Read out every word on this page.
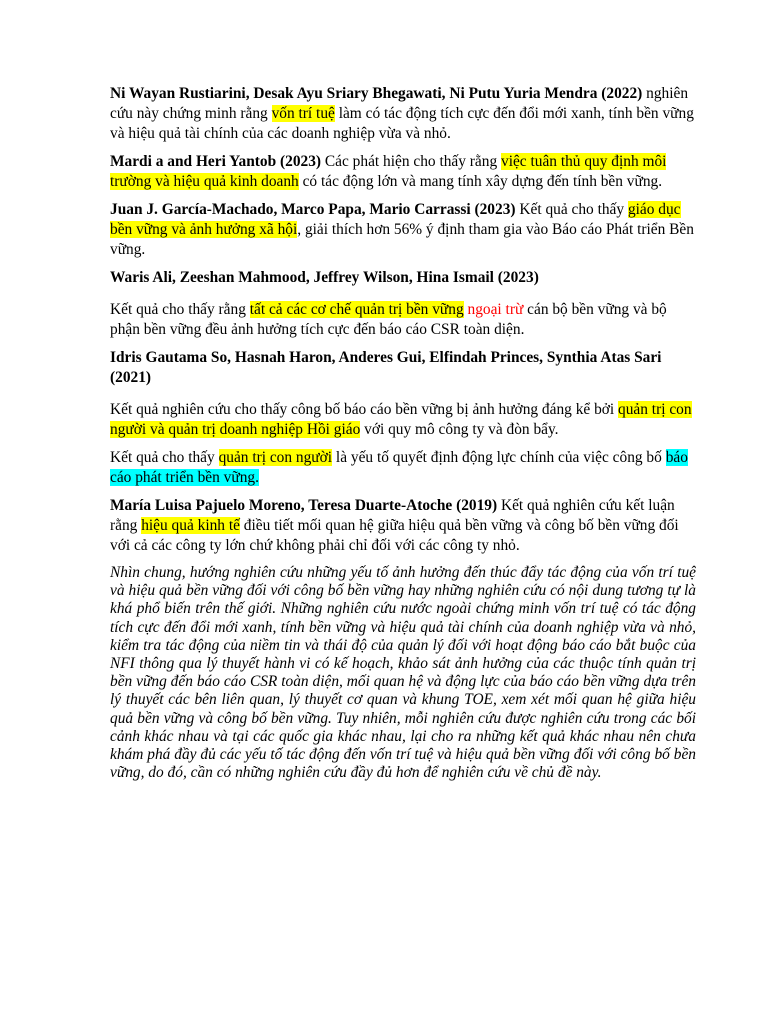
Ni Wayan Rustiarini, Desak Ayu Sriary Bhegawati, Ni Putu Yuria Mendra (2022) nghiên cứu này chứng minh rằng vốn trí tuệ làm có tác động tích cực đến đổi mới xanh, tính bền vững và hiệu quả tài chính của các doanh nghiệp vừa và nhỏ.

Mardi a and Heri Yantob (2023) Các phát hiện cho thấy rằng việc tuân thủ quy định môi trường và hiệu quả kinh doanh có tác động lớn và mang tính xây dựng đến tính bền vững.

Juan J. García-Machado, Marco Papa, Mario Carrassi (2023) Kết quả cho thấy giáo dục bền vững và ảnh hưởng xã hội, giải thích hơn 56% ý định tham gia vào Báo cáo Phát triển Bền vững.

Waris Ali, Zeeshan Mahmood, Jeffrey Wilson, Hina Ismail (2023)

Kết quả cho thấy rằng tất cả các cơ chế quản trị bền vững ngoại trừ cán bộ bền vững và bộ phận bền vững đều ảnh hưởng tích cực đến báo cáo CSR toàn diện.

Idris Gautama So, Hasnah Haron, Anderes Gui, Elfindah Princes, Synthia Atas Sari (2021)

Kết quả nghiên cứu cho thấy công bố báo cáo bền vững bị ảnh hưởng đáng kể bởi quản trị con người và quản trị doanh nghiệp Hồi giáo với quy mô công ty và đòn bẩy.

Kết quả cho thấy quản trị con người là yếu tố quyết định động lực chính của việc công bố báo cáo phát triển bền vững.

María Luisa Pajuelo Moreno, Teresa Duarte-Atoche (2019) Kết quả nghiên cứu kết luận rằng hiệu quả kinh tế điều tiết mối quan hệ giữa hiệu quả bền vững và công bố bền vững đối với cả các công ty lớn chứ không phải chỉ đối với các công ty nhỏ.

Nhìn chung, hướng nghiên cứu những yếu tố ảnh hưởng đến thúc đẩy tác động của vốn trí tuệ và hiệu quả bền vững đối với công bố bền vững hay những nghiên cứu có nội dung tương tự là khá phổ biến trên thế giới. Những nghiên cứu nước ngoài chứng minh vốn trí tuệ có tác động tích cực đến đổi mới xanh, tính bền vững và hiệu quả tài chính của doanh nghiệp vừa và nhỏ, kiểm tra tác động của niềm tin và thái độ của quản lý đối với hoạt động báo cáo bắt buộc của NFI thông qua lý thuyết hành vi có kế hoạch, khảo sát ảnh hưởng của các thuộc tính quản trị bền vững đến báo cáo CSR toàn diện, mối quan hệ và động lực của báo cáo bền vững dựa trên lý thuyết các bên liên quan, lý thuyết cơ quan và khung TOE, xem xét mối quan hệ giữa hiệu quả bền vững và công bố bền vững. Tuy nhiên, mỗi nghiên cứu được nghiên cứu trong các bối cảnh khác nhau và tại các quốc gia khác nhau, lại cho ra những kết quả khác nhau nên chưa khám phá đầy đủ các yếu tố tác động đến vốn trí tuệ và hiệu quả bền vững đối với công bố bền vững, do đó, cần có những nghiên cứu đầy đủ hơn để nghiên cứu về chủ đề này.
